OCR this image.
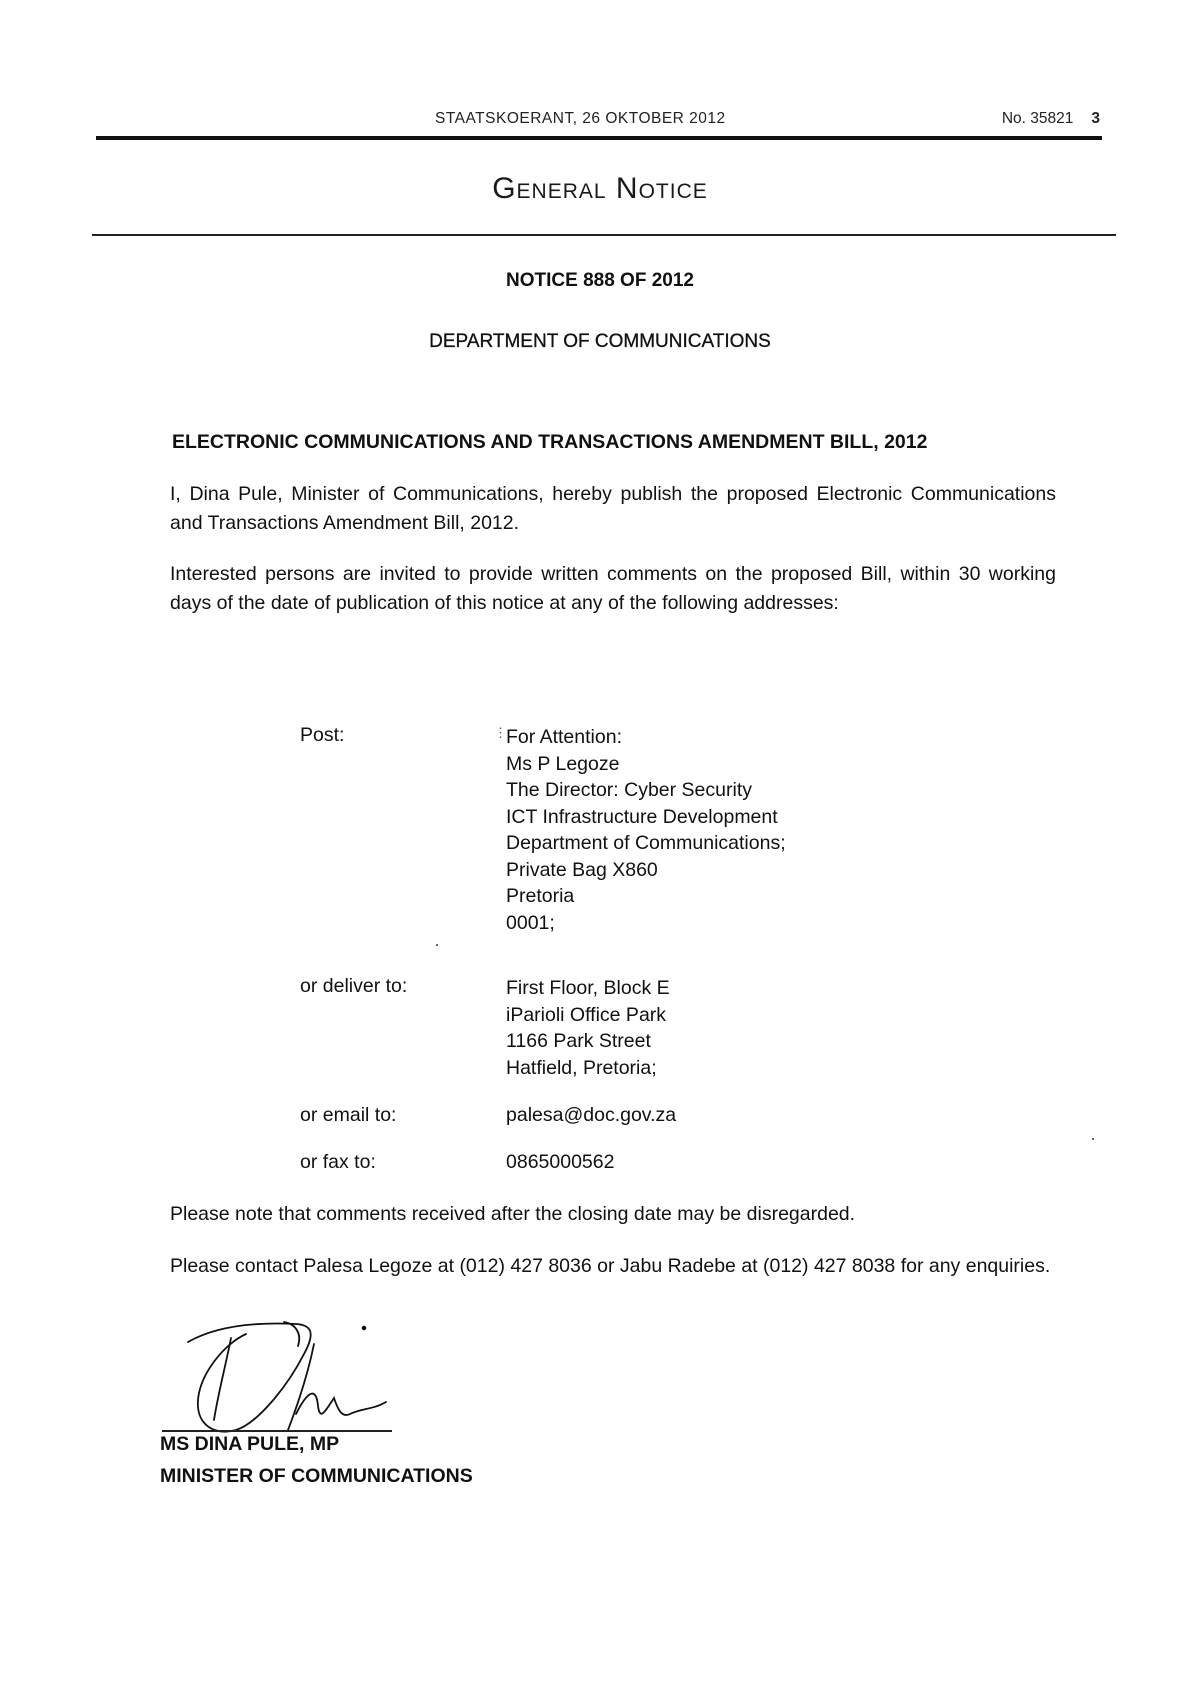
STAATSKOERANT, 26 OKTOBER 2012	No. 35821 3
General Notice
NOTICE 888 OF 2012
DEPARTMENT OF COMMUNICATIONS
ELECTRONIC COMMUNICATIONS AND TRANSACTIONS AMENDMENT BILL, 2012
I, Dina Pule, Minister of Communications, hereby publish the proposed Electronic Communications and Transactions Amendment Bill, 2012.
Interested persons are invited to provide written comments on the proposed Bill, within 30 working days of the date of publication of this notice at any of the following addresses:
Post:	⋮ For Attention:
Ms P Legoze
The Director: Cyber Security
ICT Infrastructure Development
Department of Communications;
Private Bag X860
Pretoria
0001;
or deliver to:	First Floor, Block E
iParioli Office Park
1166 Park Street
Hatfield, Pretoria;
or email to:	palesa@doc.gov.za
or fax to:	0865000562
Please note that comments received after the closing date may be disregarded.
Please contact Palesa Legoze at (012) 427 8036 or Jabu Radebe at (012) 427 8038 for any enquiries.
MS DINA PULE, MP
MINISTER OF COMMUNICATIONS
